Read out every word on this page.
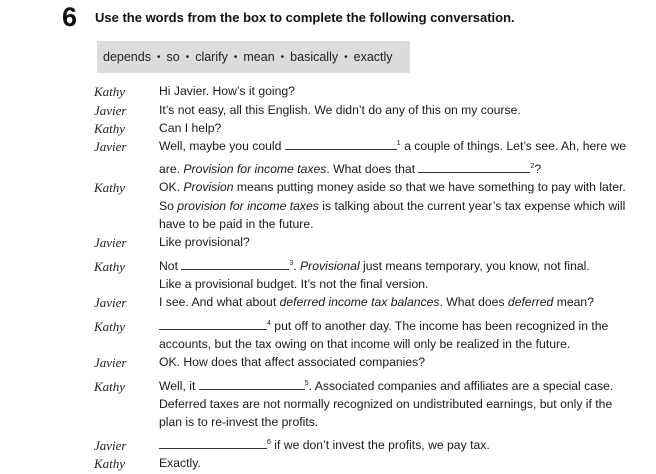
6 Use the words from the box to complete the following conversation.
depends • so • clarify • mean • basically • exactly
Kathy	Hi Javier. How’s it going?
Javier	It’s not easy, all this English. We didn’t do any of this on my course.
Kathy	Can I help?
Javier	Well, maybe you could	$^1$ a couple of things. Let’s see. Ah, here we
are. Provision for income taxes. What does that	$^2$?
Kathy	OK. Provision means putting money aside so that we have something to pay with later.
So provision for income taxes is talking about the current year’s tax expense which will
have to be paid in the future.
Javier	Like provisional?
Kathy	Not	$^3$. Provisional just means temporary, you know, not final.
Like a provisional budget. It’s not the final version.
Javier	I see. And what about deferred income tax balances. What does deferred mean?
Kathy	$^4$ put off to another day. The income has been recognized in the
accounts, but the tax owing on that income will only be realized in the future.
Javier	OK. How does that affect associated companies?
Kathy	Well, it	$^5$. Associated companies and affiliates are a special case.
Deferred taxes are not normally recognized on undistributed earnings, but only if the
plan is to re-invest the profits.
Javier	$^6$ if we don’t invest the profits, we pay tax.
Kathy	Exactly.
